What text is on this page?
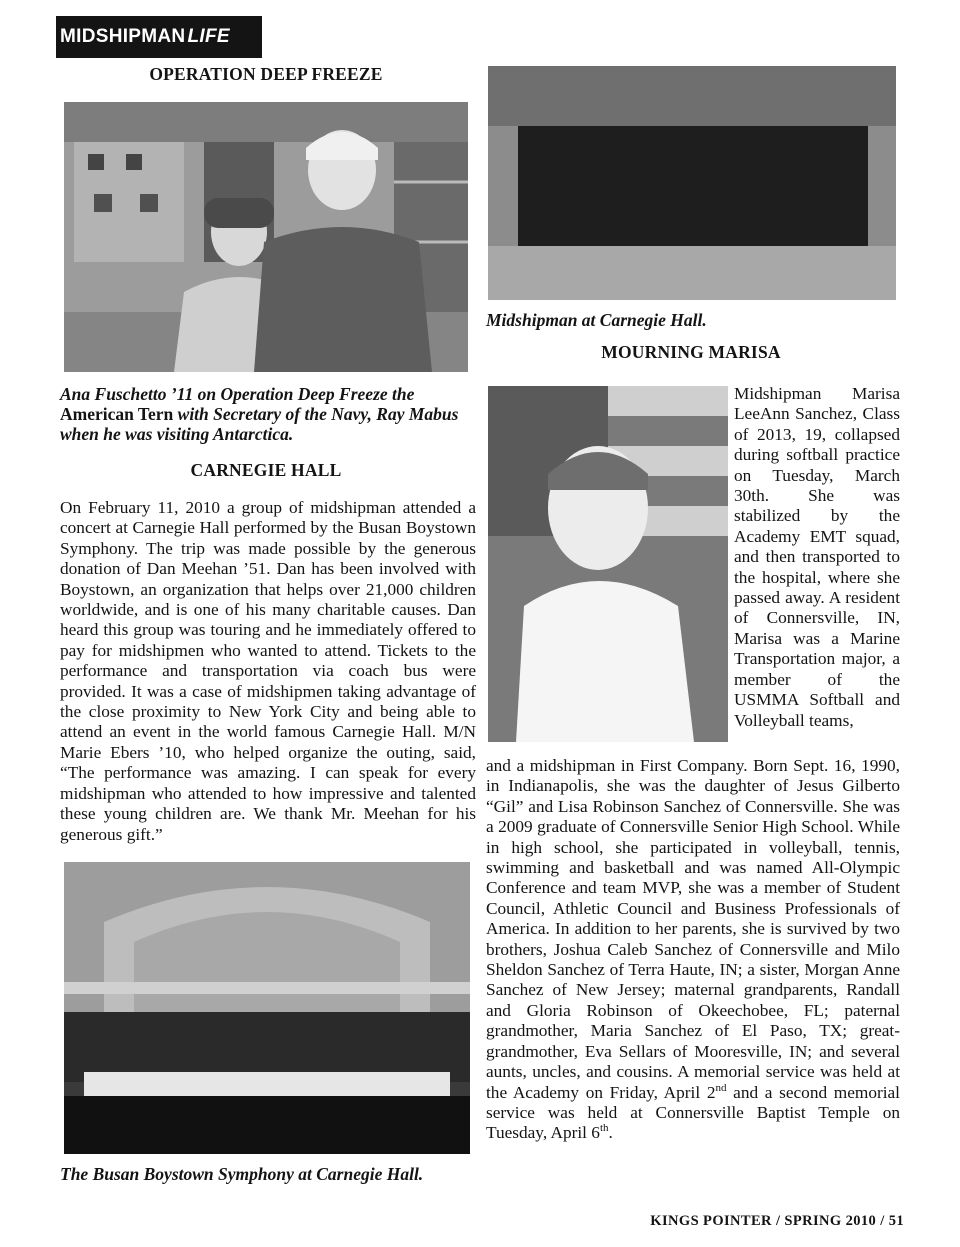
MIDSHIPMAN LIFE
OPERATION DEEP FREEZE

Ana Fuschetto ’11 on Operation Deep Freeze the American Tern with Secretary of the Navy, Ray Mabus when he was visiting Antarctica.

CARNEGIE HALL

On February 11, 2010 a group of midshipman attended a concert at Carnegie Hall performed by the Busan Boystown Symphony. The trip was made possible by the generous donation of Dan Meehan ’51. Dan has been involved with Boystown, an organization that helps over 21,000 children worldwide, and is one of his many charitable causes. Dan heard this group was touring and he immediately offered to pay for midshipmen who wanted to attend. Tickets to the performance and transportation via coach bus were provided. It was a case of midshipmen taking advantage of the close proximity to New York City and being able to attend an event in the world famous Carnegie Hall. M/N Marie Ebers ’10, who helped organize the outing, said, “The performance was amazing. I can speak for every midshipman who attended to how impressive and talented these young children are. We thank Mr. Meehan for his generous gift.”

The Busan Boystown Symphony at Carnegie Hall.

Midshipman at Carnegie Hall.

MOURNING MARISA

Midshipman Marisa LeeAnn Sanchez, Class of 2013, 19, collapsed during softball practice on Tuesday, March 30th. She was stabilized by the Academy EMT squad, and then transported to the hospital, where she passed away. A resident of Connersville, IN, Marisa was a Marine Transportation major, a member of the USMMA Softball and Volleyball teams,

and a midshipman in First Company. Born Sept. 16, 1990, in Indianapolis, she was the daughter of Jesus Gilberto “Gil” and Lisa Robinson Sanchez of Connersville. She was a 2009 graduate of Connersville Senior High School. While in high school, she participated in volleyball, tennis, swimming and basketball and was named All-Olympic Conference and team MVP, she was a member of Student Council, Athletic Council and Business Professionals of America. In addition to her parents, she is survived by two brothers, Joshua Caleb Sanchez of Connersville and Milo Sheldon Sanchez of Terra Haute, IN; a sister, Morgan Anne Sanchez of New Jersey; maternal grandparents, Randall and Gloria Robinson of Okeechobee, FL; paternal grandmother, Maria Sanchez of El Paso, TX; great-grandmother, Eva Sellars of Mooresville, IN; and several aunts, uncles, and cousins. A memorial service was held at the Academy on Friday, April 2nd and a second memorial service was held at Connersville Baptist Temple on Tuesday, April 6th.

KINGS POINTER / SPRING 2010 / 51
